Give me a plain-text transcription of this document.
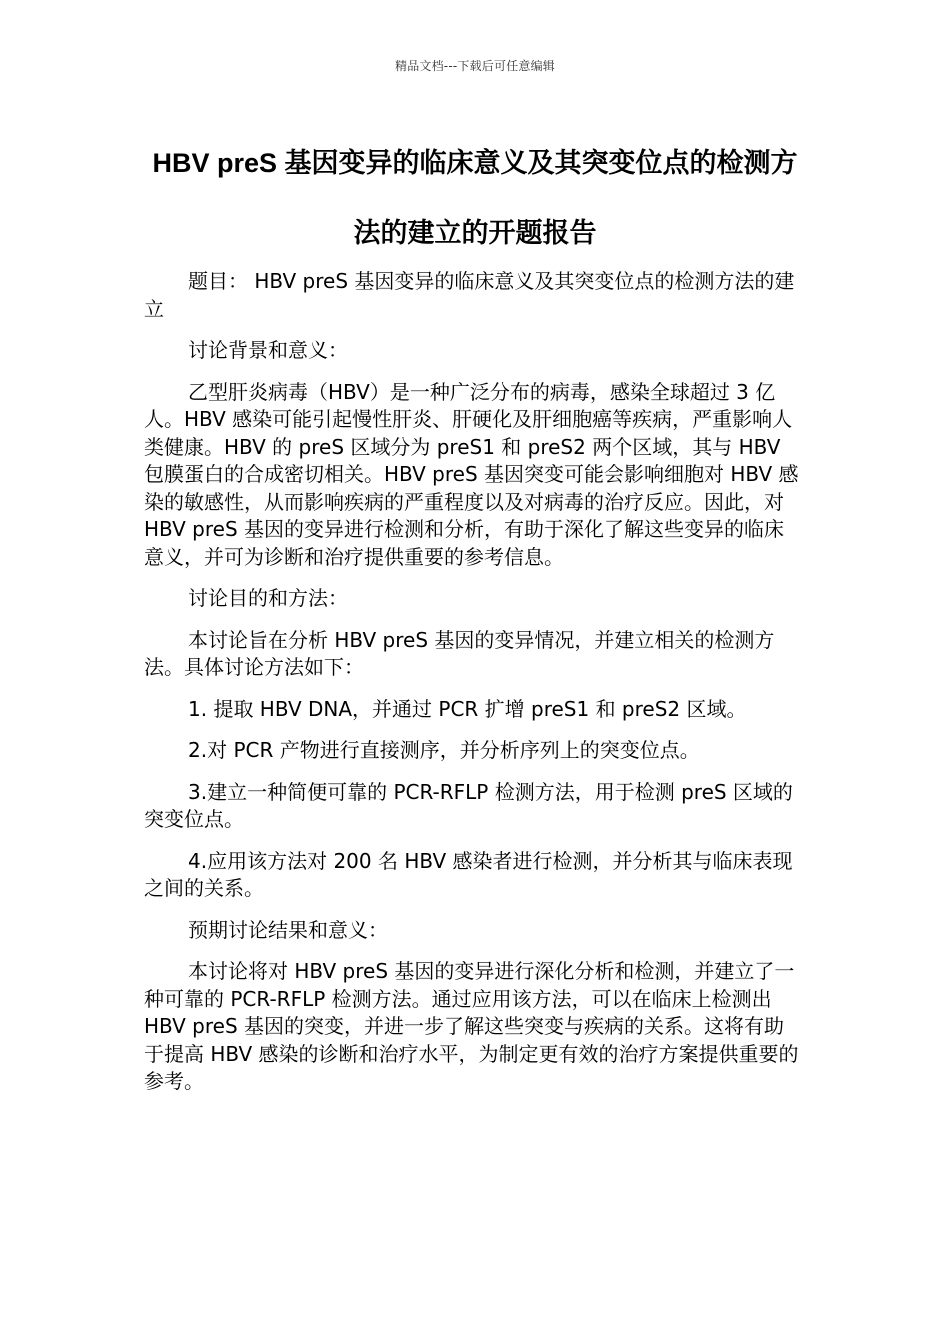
精品文档---下载后可任意编辑
HBV preS 基因变异的临床意义及其突变位点的检测方法的建立的开题报告

题目： HBV preS 基因变异的临床意义及其突变位点的检测方法的建立

讨论背景和意义：

乙型肝炎病毒（HBV）是一种广泛分布的病毒，感染全球超过 3 亿人。HBV 感染可能引起慢性肝炎、肝硬化及肝细胞癌等疾病，严重影响人类健康。HBV 的 preS 区域分为 preS1 和 preS2 两个区域，其与 HBV 包膜蛋白的合成密切相关。HBV preS 基因突变可能会影响细胞对 HBV 感染的敏感性，从而影响疾病的严重程度以及对病毒的治疗反应。因此，对 HBV preS 基因的变异进行检测和分析，有助于深化了解这些变异的临床意义，并可为诊断和治疗提供重要的参考信息。

讨论目的和方法：

本讨论旨在分析 HBV preS 基因的变异情况，并建立相关的检测方法。具体讨论方法如下：

1. 提取 HBV DNA，并通过 PCR 扩增 preS1 和 preS2 区域。

2.对 PCR 产物进行直接测序，并分析序列上的突变位点。

3.建立一种简便可靠的 PCR-RFLP 检测方法，用于检测 preS 区域的突变位点。

4.应用该方法对 200 名 HBV 感染者进行检测，并分析其与临床表现之间的关系。

预期讨论结果和意义：

本讨论将对 HBV preS 基因的变异进行深化分析和检测，并建立了一种可靠的 PCR-RFLP 检测方法。通过应用该方法，可以在临床上检测出 HBV preS 基因的突变，并进一步了解这些突变与疾病的关系。这将有助于提高 HBV 感染的诊断和治疗水平，为制定更有效的治疗方案提供重要的参考。
